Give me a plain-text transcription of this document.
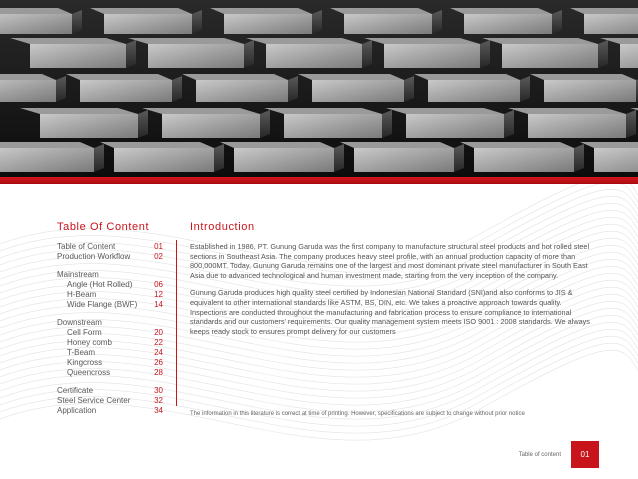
Table Of Content	Introduction
Table of Content	01
Production Workflow	02
Mainstream
Angle (Hot Rolled)	06
H-Beam	12
Wide Flange (BWF) 14
Downstream
Cell Form	20
Honey comb	22
T-Beam	24
Kingcross	26
Queencross	28
Certificate	30
Steel Service Center	32
Application	34

Established in 1986, PT. Gunung Garuda was the first company to manufacture structural steel products and hot rolled steel sections in Southeast Asia. The company produces heavy steel profile, with an annual production capacity of more than 800,000MT. Today, Gunung Garuda remains one of the largest and most dominant private steel manufacturer in South East Asia due to advanced technological and human investment made, starting from the very inception of the company.

Gunung Garuda produces high quality steel certified by Indonesian National Standard (SNI)and also conforms to JIS & equivalent to other international standards like ASTM, BS, DIN, etc. We takes a proactive approach towards quality. Inspections are conducted throughout the manufacturing and fabrication process to ensure compliance to international standards and our customers' requirements. Our quality management system meets ISO 9001 : 2008 standards. We always keeps ready stock to ensures prompt delivery for our customers

The information in this literature is correct at time of printing. However, specifications are subject to change without prior notice
Table of content	01
